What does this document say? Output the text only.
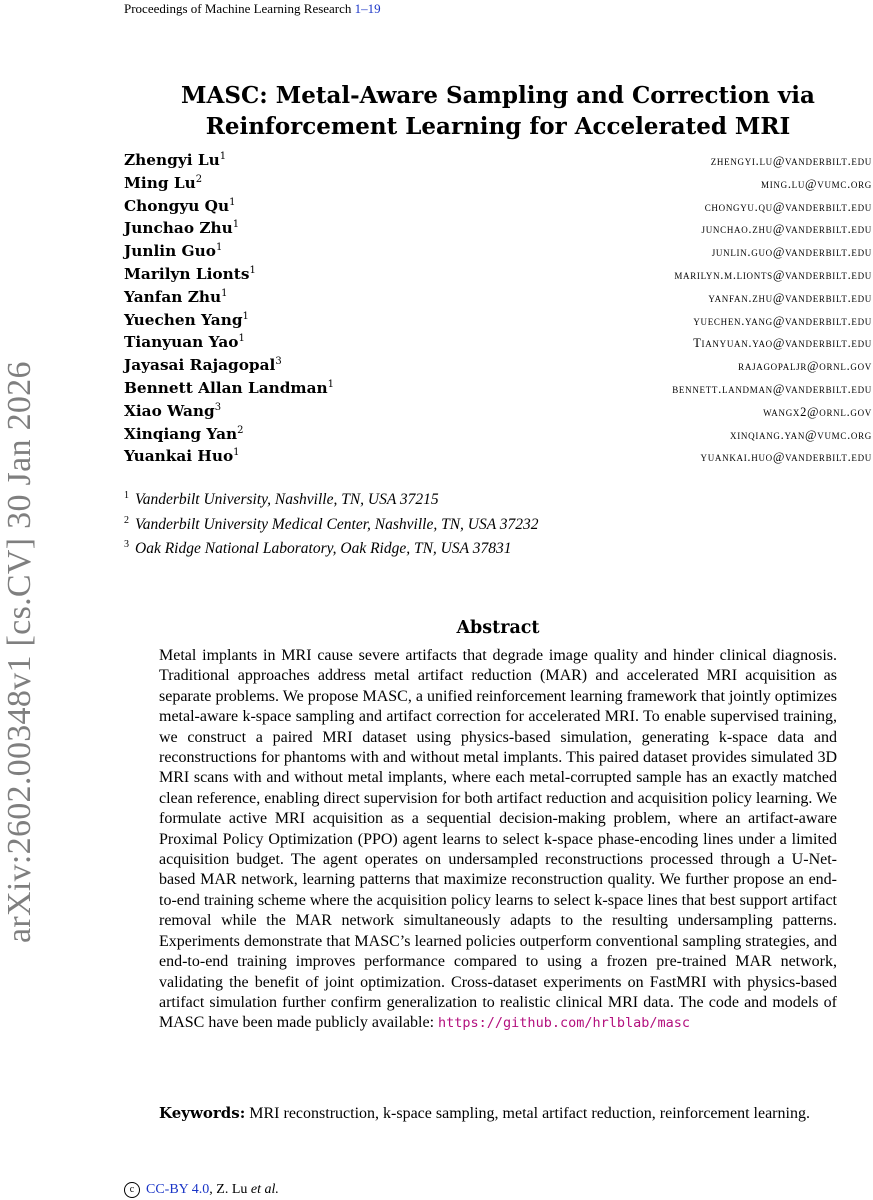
Proceedings of Machine Learning Research 1–19
arXiv:2602.00348v1 [cs.CV] 30 Jan 2026
MASC: Metal-Aware Sampling and Correction via
Reinforcement Learning for Accelerated MRI
Zhengyi Lu$^1$	zhengyi.lu@vanderbilt.edu
Ming Lu$^2$	ming.lu@vumc.org
Chongyu Qu$^1$	chongyu.qu@vanderbilt.edu
Junchao Zhu$^1$	junchao.zhu@vanderbilt.edu
Junlin Guo$^1$	junlin.guo@vanderbilt.edu
Marilyn Lionts$^1$	marilyn.m.lionts@vanderbilt.edu
Yanfan Zhu$^1$	yanfan.zhu@vanderbilt.edu
Yuechen Yang$^1$	yuechen.yang@vanderbilt.edu
Tianyuan Yao$^1$	Tianyuan.yao@vanderbilt.edu
Jayasai Rajagopal$^3$	rajagopaljr@ornl.gov
Bennett Allan Landman$^1$	bennett.landman@vanderbilt.edu
Xiao Wang$^3$	wangx2@ornl.gov
Xinqiang Yan$^2$	xinqiang.yan@vumc.org
Yuankai Huo$^1$	yuankai.huo@vanderbilt.edu
$^1$ Vanderbilt University, Nashville, TN, USA 37215
$^2$ Vanderbilt University Medical Center, Nashville, TN, USA 37232
$^3$ Oak Ridge National Laboratory, Oak Ridge, TN, USA 37831
Abstract
Metal implants in MRI cause severe artifacts that degrade image quality and hinder clinical diagnosis. Traditional approaches address metal artifact reduction (MAR) and accelerated MRI acquisition as separate problems. We propose MASC, a unified reinforcement learning framework that jointly optimizes metal-aware k-space sampling and artifact correction for accelerated MRI. To enable supervised training, we construct a paired MRI dataset using physics-based simulation, generating k-space data and reconstructions for phantoms with and without metal implants. This paired dataset provides simulated 3D MRI scans with and without metal implants, where each metal-corrupted sample has an exactly matched clean reference, enabling direct supervision for both artifact reduction and acquisition policy learning. We formulate active MRI acquisition as a sequential decision-making problem, where an artifact-aware Proximal Policy Optimization (PPO) agent learns to select k-space phase-encoding lines under a limited acquisition budget. The agent operates on undersampled reconstructions processed through a U-Net-based MAR network, learning patterns that maximize reconstruction quality. We further propose an end-to-end training scheme where the acquisition policy learns to select k-space lines that best support artifact removal while the MAR network simultaneously adapts to the resulting undersampling patterns. Experiments demonstrate that MASC’s learned policies outperform conventional sampling strategies, and end-to-end training improves performance compared to using a frozen pre-trained MAR network, validating the benefit of joint optimization. Cross-dataset experiments on FastMRI with physics-based artifact simulation further confirm generalization to realistic clinical MRI data. The code and models of MASC have been made publicly available: https://github.com/hrlblab/masc
Keywords: MRI reconstruction, k-space sampling, metal artifact reduction, reinforcement learning.
c CC-BY 4.0, Z. Lu et al.
